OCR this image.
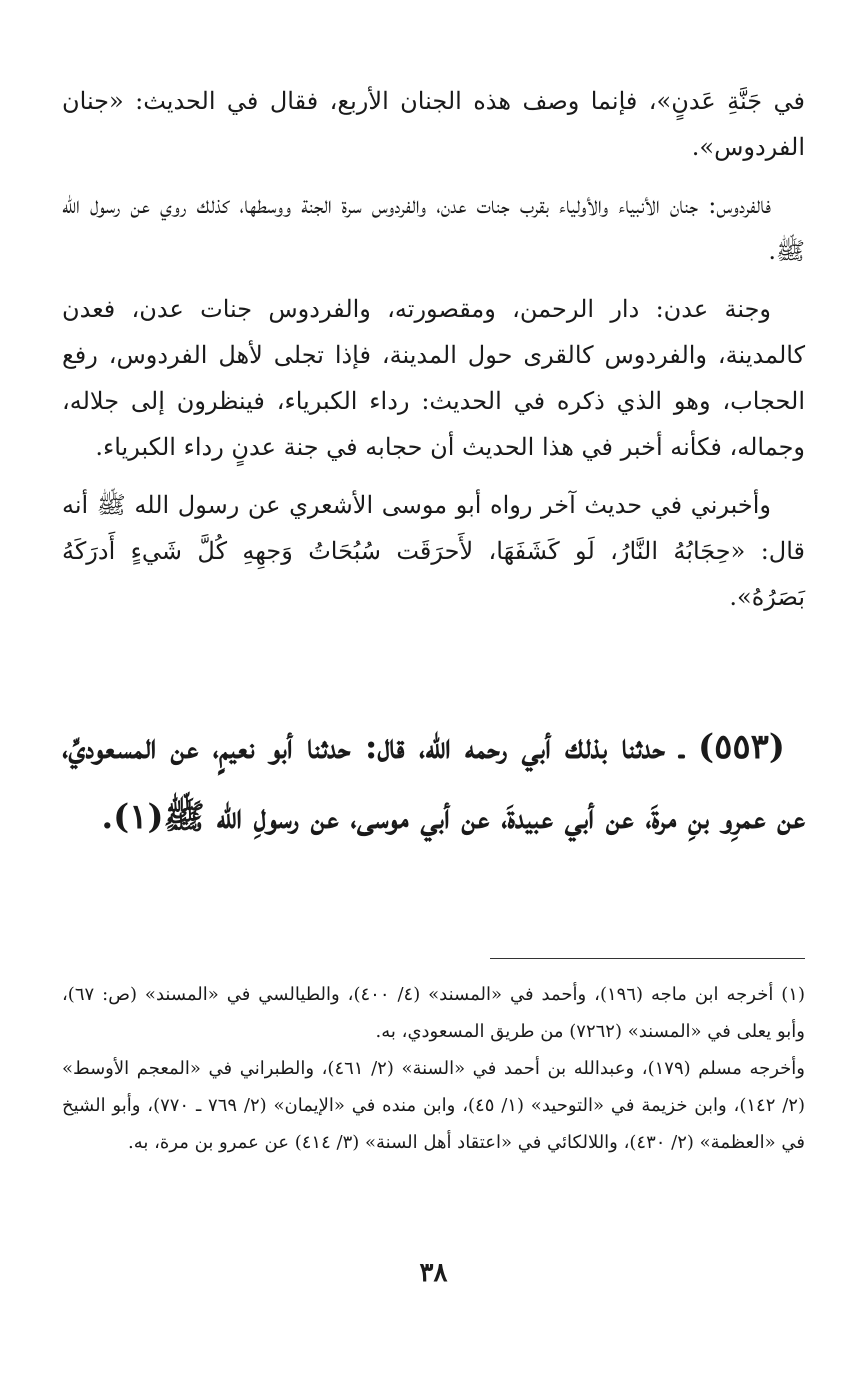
في جَنَّةِ عَدنٍ»، فإنما وصف هذه الجنان الأربع، فقال في الحديث: «جنان الفردوس».

فالفردوس: جنان الأنبياء والأولياء بقرب جنات عدن، والفردوس سرة الجنة ووسطها، كذلك روي عن رسول الله ﷺ.

وجنة عدن: دار الرحمن، ومقصورته، والفردوس جنات عدن، فعدن كالمدينة، والفردوس كالقرى حول المدينة، فإذا تجلى لأهل الفردوس، رفع الحجاب، وهو الذي ذكره في الحديث: رداء الكبرياء، فينظرون إلى جلاله، وجماله، فكأنه أخبر في هذا الحديث أن حجابه في جنة عدنٍ رداء الكبرياء.

وأخبرني في حديث آخر رواه أبو موسى الأشعري عن رسول الله ﷺ أنه قال: «حِجَابُهُ النَّارُ، لَو كَشَفَهَا، لأَحرَقَت سُبُحَاتُ وَجهِهِ كُلَّ شَيءٍ أَدرَكَهُ بَصَرُهُ».

(٥٥٣) ـ حدثنا بذلك أبي رحمه الله، قال: حدثنا أبو نعيمٍ، عن المسعوديِّ، عن عمرِو بنِ مرةَ، عن أبي عبيدةَ، عن أبي موسى، عن رسولِ الله ﷺ(١).

(١) أخرجه ابن ماجه (١٩٦)، وأحمد في «المسند» (٤/ ٤٠٠)، والطيالسي في «المسند» (ص: ٦٧)، وأبو يعلى في «المسند» (٧٢٦٢) من طريق المسعودي، به.

وأخرجه مسلم (١٧٩)، وعبدالله بن أحمد في «السنة» (٢/ ٤٦١)، والطبراني في «المعجم الأوسط» (٢/ ١٤٢)، وابن خزيمة في «التوحيد» (١/ ٤٥)، وابن منده في «الإيمان» (٢/ ٧٦٩ ـ ٧٧٠)، وأبو الشيخ في «العظمة» (٢/ ٤٣٠)، واللالكائي في «اعتقاد أهل السنة» (٣/ ٤١٤) عن عمرو بن مرة، به.

٣٨
